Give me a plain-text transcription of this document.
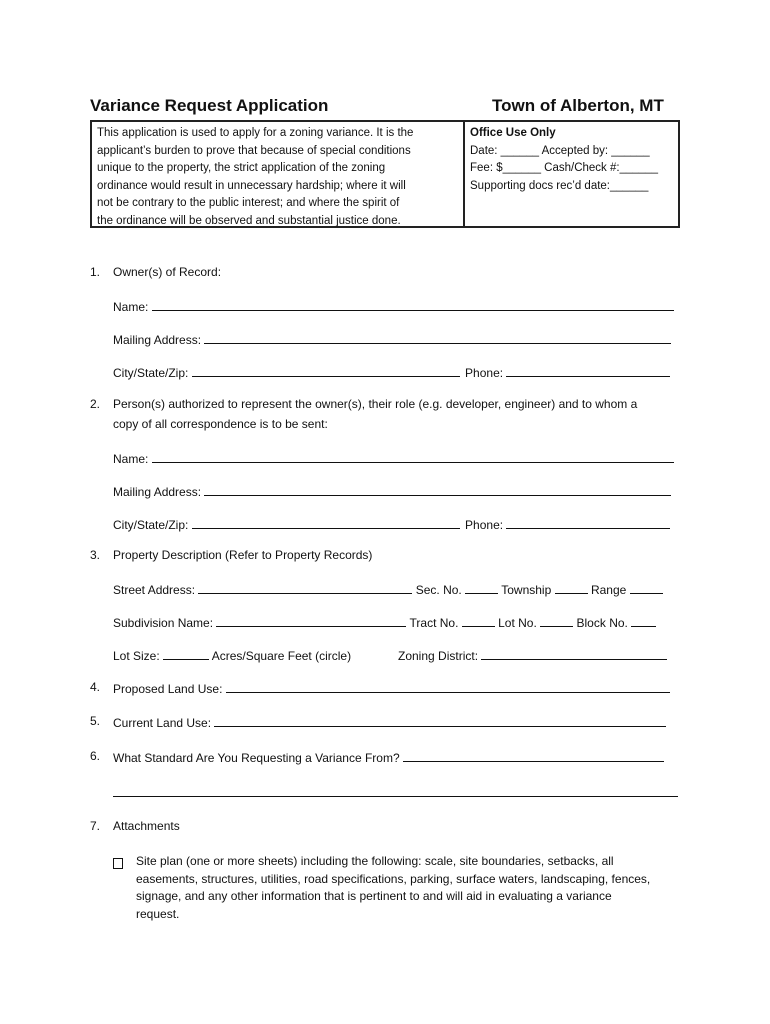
Variance Request Application	Town of Alberton, MT
This application is used to apply for a zoning variance. It is the
applicant’s burden to prove that because of special conditions
unique to the property, the strict application of the zoning
ordinance would result in unnecessary hardship; where it will
not be contrary to the public interest; and where the spirit of
the ordinance will be observed and substantial justice done.
Office Use Only
Date: ______ Accepted by: ______
Fee: $______ Cash/Check #:______
Supporting docs rec’d date:______
1. Owner(s) of Record:
Name:
Mailing Address:
City/State/Zip:	Phone:
2. Person(s) authorized to represent the owner(s), their role (e.g. developer, engineer) and to whom a
copy of all correspondence is to be sent:
Name:
Mailing Address:
City/State/Zip:	Phone:
3. Property Description (Refer to Property Records)
Street Address:	Sec. No.	Township	Range
Subdivision Name:	Tract No.	Lot No.	Block No.
Lot Size:	Acres/Square Feet (circle)	Zoning District:
4. Proposed Land Use:
5. Current Land Use:
6. What Standard Are You Requesting a Variance From?
7. Attachments
Site plan (one or more sheets) including the following: scale, site boundaries, setbacks, all
easements, structures, utilities, road specifications, parking, surface waters, landscaping, fences,
signage, and any other information that is pertinent to and will aid in evaluating a variance
request.
